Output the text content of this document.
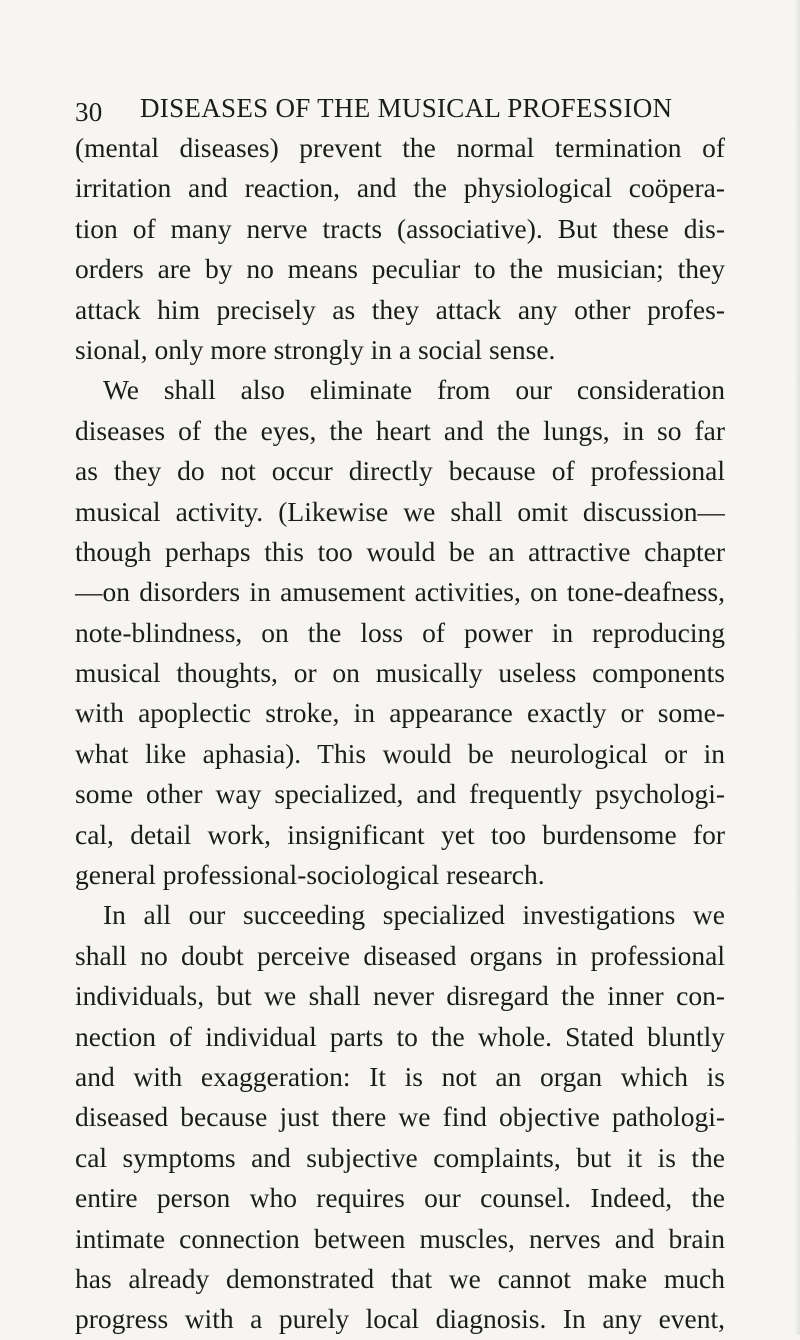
30 DISEASES OF THE MUSICAL PROFESSION
(mental diseases) prevent the normal termination of
irritation and reaction, and the physiological coöpera-
tion of many nerve tracts (associative). But these dis-
orders are by no means peculiar to the musician; they
attack him precisely as they attack any other profes-
sional, only more strongly in a social sense.
We shall also eliminate from our consideration
diseases of the eyes, the heart and the lungs, in so far
as they do not occur directly because of professional
musical activity. (Likewise we shall omit discussion—
though perhaps this too would be an attractive chapter
—on disorders in amusement activities, on tone-deafness,
note-blindness, on the loss of power in reproducing
musical thoughts, or on musically useless components
with apoplectic stroke, in appearance exactly or some-
what like aphasia). This would be neurological or in
some other way specialized, and frequently psychologi-
cal, detail work, insignificant yet too burdensome for
general professional-sociological research.
In all our succeeding specialized investigations we
shall no doubt perceive diseased organs in professional
individuals, but we shall never disregard the inner con-
nection of individual parts to the whole. Stated bluntly
and with exaggeration: It is not an organ which is
diseased because just there we find objective pathologi-
cal symptoms and subjective complaints, but it is the
entire person who requires our counsel. Indeed, the
intimate connection between muscles, nerves and brain
has already demonstrated that we cannot make much
progress with a purely local diagnosis. In any event,
